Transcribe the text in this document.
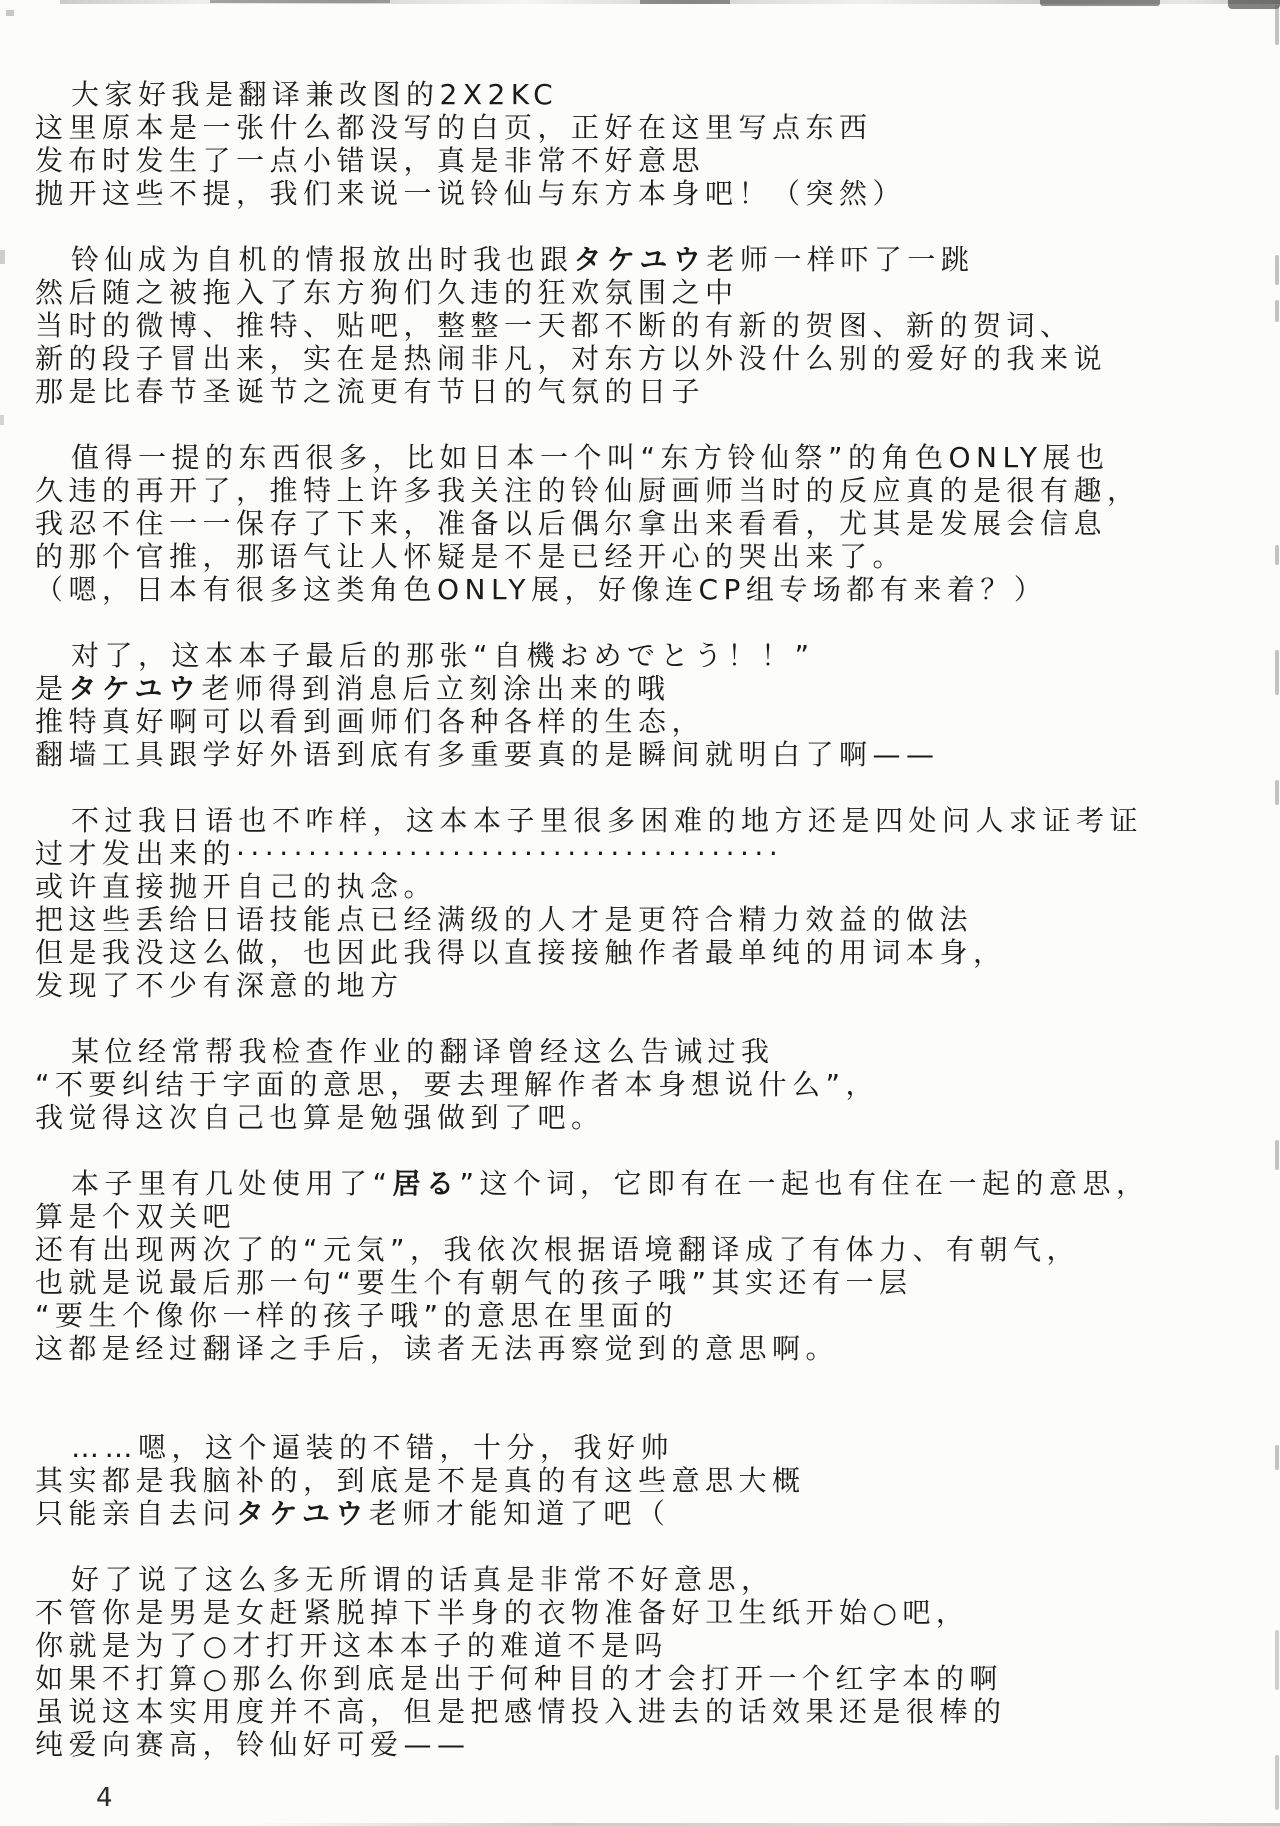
大家好我是翻译兼改图的2X2KC
这里原本是一张什么都没写的白页，正好在这里写点东西
发布时发生了一点小错误，真是非常不好意思
抛开这些不提，我们来说一说铃仙与东方本身吧！（突然）
铃仙成为自机的情报放出时我也跟タケユウ老师一样吓了一跳
然后随之被拖入了东方狗们久违的狂欢氛围之中
当时的微博、推特、贴吧，整整一天都不断的有新的贺图、新的贺词、
新的段子冒出来，实在是热闹非凡，对东方以外没什么别的爱好的我来说
那是比春节圣诞节之流更有节日的气氛的日子
值得一提的东西很多，比如日本一个叫“东方铃仙祭”的角色ONLY展也
久违的再开了，推特上许多我关注的铃仙厨画师当时的反应真的是很有趣，
我忍不住一一保存了下来，准备以后偶尔拿出来看看，尤其是发展会信息
的那个官推，那语气让人怀疑是不是已经开心的哭出来了。
（嗯，日本有很多这类角色ONLY展，好像连CP组专场都有来着？）
对了，这本本子最后的那张“自機おめでとう！！”
是タケユウ老师得到消息后立刻涂出来的哦
推特真好啊可以看到画师们各种各样的生态，
翻墙工具跟学好外语到底有多重要真的是瞬间就明白了啊——
不过我日语也不咋样，这本本子里很多困难的地方还是四处问人求证考证
过才发出来的······································
或许直接抛开自己的执念。
把这些丢给日语技能点已经满级的人才是更符合精力效益的做法
但是我没这么做，也因此我得以直接接触作者最单纯的用词本身，
发现了不少有深意的地方
某位经常帮我检查作业的翻译曾经这么告诫过我
“不要纠结于字面的意思，要去理解作者本身想说什么”，
我觉得这次自己也算是勉强做到了吧。
本子里有几处使用了“居る”这个词，它即有在一起也有住在一起的意思，
算是个双关吧
还有出现两次了的“元気”，我依次根据语境翻译成了有体力、有朝气，
也就是说最后那一句“要生个有朝气的孩子哦”其实还有一层
“要生个像你一样的孩子哦”的意思在里面的
这都是经过翻译之手后，读者无法再察觉到的意思啊。
……嗯，这个逼装的不错，十分，我好帅
其实都是我脑补的，到底是不是真的有这些意思大概
只能亲自去问タケユウ老师才能知道了吧（
好了说了这么多无所谓的话真是非常不好意思，
不管你是男是女赶紧脱掉下半身的衣物准备好卫生纸开始○吧，
你就是为了○才打开这本本子的难道不是吗
如果不打算○那么你到底是出于何种目的才会打开一个红字本的啊
虽说这本实用度并不高，但是把感情投入进去的话效果还是很棒的
纯爱向赛高，铃仙好可爱——
4
